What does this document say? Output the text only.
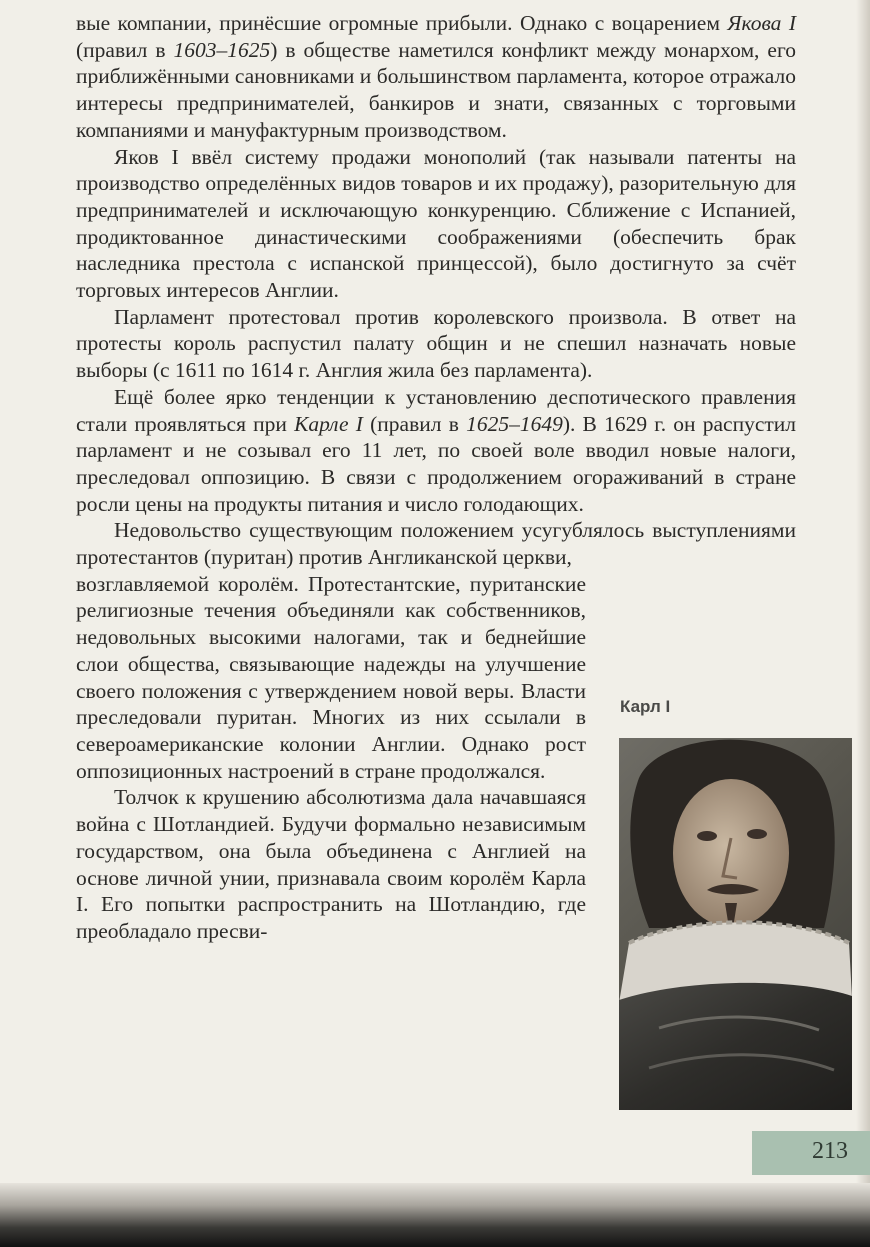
вые компании, принёсшие огромные прибыли. Однако с воцарением Якова I (правил в 1603–1625) в обществе наметился конфликт между монархом, его приближёнными сановниками и большинством парламента, которое отражало интересы предпринимателей, банкиров и знати, связанных с торговыми компаниями и мануфактурным производством.

Яков I ввёл систему продажи монополий (так называли патенты на производство определённых видов товаров и их продажу), разорительную для предпринимателей и исключающую конкуренцию. Сближение с Испанией, продиктованное династическими соображениями (обеспечить брак наследника престола с испанской принцессой), было достигнуто за счёт торговых интересов Англии.

Парламент протестовал против королевского произвола. В ответ на протесты король распустил палату общин и не спешил назначать новые выборы (с 1611 по 1614 г. Англия жила без парламента).

Ещё более ярко тенденции к установлению деспотического правления стали проявляться при Карле I (правил в 1625–1649). В 1629 г. он распустил парламент и не созывал его 11 лет, по своей воле вводил новые налоги, преследовал оппозицию. В связи с продолжением огораживаний в стране росли цены на продукты питания и число голодающих.

Недовольство существующим положением усугублялось выступлениями протестантов (пуритан) против Англиканской церкви,

возглавляемой королём. Протестантские, пуританские религиозные течения объединяли как собственников, недовольных высокими налогами, так и беднейшие слои общества, связывающие надежды на улучшение своего положения с утверждением новой веры. Власти преследовали пуритан. Многих из них ссылали в североамериканские колонии Англии. Однако рост оппозиционных настроений в стране продолжался.

Толчок к крушению абсолютизма дала начавшаяся война с Шотландией. Будучи формально независимым государством, она была объединена с Англией на основе личной унии, признавала своим королём Карла I. Его попытки распространить на Шотландию, где преобладало пресви-

Карл I
213
